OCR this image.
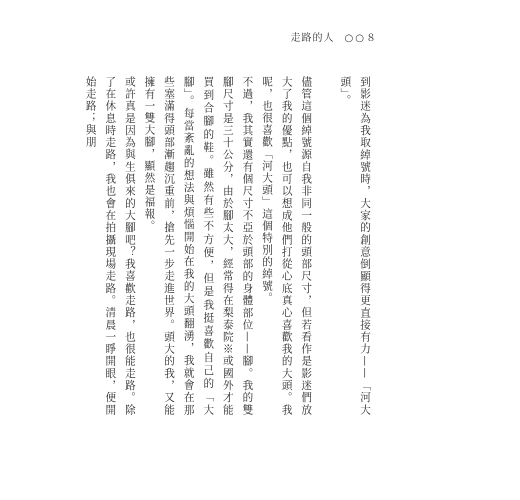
走路的人 ○○８

到影迷為我取綽號時，大家的創意倒顯得更直接有力——「河大頭」。

儘管這個綽號源自我非同一般的頭部尺寸，但若看作是影迷們放大了我的優點，也可以想成他們打從心底真心喜歡我的大頭。我呢，也很喜歡「河大頭」這個特別的綽號。

不過，我其實還有個尺寸不亞於頭部的身體部位——腳。我的雙腳尺寸是三十公分，由於腳太大，經常得在梨泰院※或國外才能買到合腳的鞋。雖然有些不方便，但是我挺喜歡自己的「大腳」。每當紊亂的想法與煩惱開始在我的大頭翻湧，我就會在那些塞滿得頭部漸趨沉重前，搶先一步走進世界。頭大的我，又能擁有一雙大腳，顯然是福報。

或許真是因為與生俱來的大腳吧？我喜歡走路，也很能走路。除了在休息時走路，我也會在拍攝現場走路。清晨一睜開眼，便開始走路；與朋
